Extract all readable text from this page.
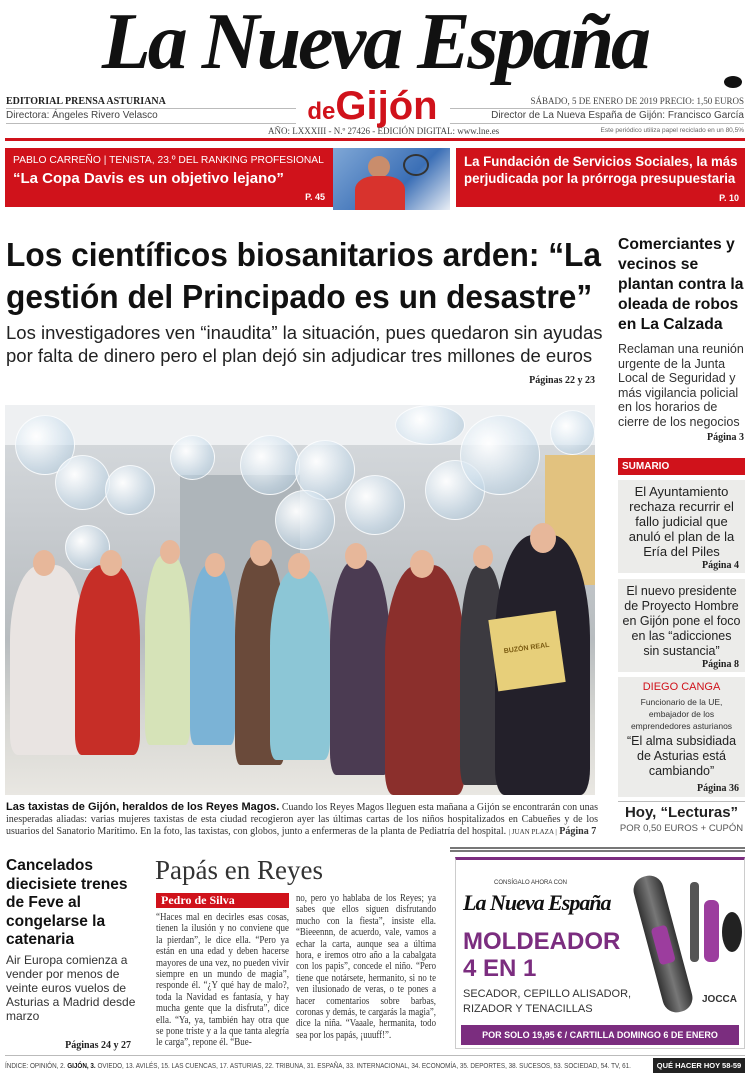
La Nueva España
deGijón
EDITORIAL PRENSA ASTURIANA
Directora: Ángeles Rivero Velasco
SÁBADO, 5 DE ENERO DE 2019 PRECIO: 1,50 EUROS
Director de La Nueva España de Gijón: Francisco García
AÑO: LXXXIII - N.º 27426 - EDICIÓN DIGITAL: www.lne.es	Este periódico utiliza papel reciclado en un 80,5%
PABLO CARREÑO | TENISTA, 23.º DEL RANKING PROFESIONAL
“La Copa Davis es un objetivo lejano”
P. 45
La Fundación de Servicios Sociales, la más perjudicada por la prórroga presupuestaria
P. 10
Los científicos biosanitarios arden: “La gestión del Principado es un desastre”
Los investigadores ven “inaudita” la situación, pues quedaron sin ayudas por falta de dinero pero el plan dejó sin adjudicar tres millones de euros
Páginas 22 y 23
Comerciantes y vecinos se plantan contra la oleada de robos en La Calzada
Reclaman una reunión urgente de la Junta Local de Seguridad y más vigilancia policial en los horarios de cierre de los negocios
Página 3
BUZÓN REAL
Las taxistas de Gijón, heraldos de los Reyes Magos. Cuando los Reyes Magos lleguen esta mañana a Gijón se encontrarán con unas inesperadas aliadas: varias mujeres taxistas de esta ciudad recogieron ayer las últimas cartas de los niños hospitalizados en Cabueñes y de los usuarios del Sanatorio Marítimo. En la foto, las taxistas, con globos, junto a enfermeras de la planta de Pediatría del hospital. | JUAN PLAZA | Página 7
SUMARIO
El Ayuntamiento rechaza recurrir el fallo judicial que anuló el plan de la Ería del Piles
Página 4
El nuevo presidente de Proyecto Hombre en Gijón pone el foco en las “adicciones sin sustancia”
Página 8
DIEGO CANGA
Funcionario de la UE, embajador de los emprendedores asturianos
“El alma subsidiada de Asturias está cambiando”
Página 36
Hoy, “Lecturas”
POR 0,50 EUROS + CUPÓN
Cancelados diecisiete trenes de Feve al congelarse la catenaria
Air Europa comienza a vender por menos de veinte euros vuelos de Asturias a Madrid desde marzo
Páginas 24 y 27
Papás en Reyes
Pedro de Silva

“Haces mal en decirles esas cosas, tienen la ilusión y no conviene que la pierdan”, le dice ella. “Pero ya están en una edad y deben hacerse mayores de una vez, no pueden vivir siempre en un mundo de magia”, responde él. “¿Y qué hay de malo?, toda la Navidad es fantasía, y hay mucha gente que la disfruta”, dice ella. “Ya, ya, también hay otra que se pone triste y a la que tanta alegría le carga”, repone él. “Bue-

no, pero yo hablaba de los Reyes; ya sabes que ellos siguen disfrutando mucho con la fiesta”, insiste ella. “Bieeennn, de acuerdo, vale, vamos a echar la carta, aunque sea a última hora, e iremos otro año a la cabalgata con los papis”, concede el niño. “Pero tiene que notársete, hermanito, si no te ven ilusionado de veras, o te pones a hacer comentarios sobre barbas, coronas y demás, te cargarás la magia”, dice la niña. “Vaaale, hermanita, todo sea por los papás, ¡uuuff!”.

CONSÍGALO AHORA CON
La Nueva España
MOLDEADOR
4 EN 1
SECADOR, CEPILLO ALISADOR,
RIZADOR Y TENACILLAS
JOCCA
POR SOLO 19,95 € / CARTILLA DOMINGO 6 DE ENERO
ÍNDICE: OPINIÓN, 2. GIJÓN, 3. OVIEDO, 13. AVILÉS, 15. LAS CUENCAS, 17. ASTURIAS, 22. TRIBUNA, 31. ESPAÑA, 33. INTERNACIONAL, 34. ECONOMÍA, 35. DEPORTES, 38. SUCESOS, 53. SOCIEDAD, 54. TV, 61.	QUÉ HACER HOY 58-59
